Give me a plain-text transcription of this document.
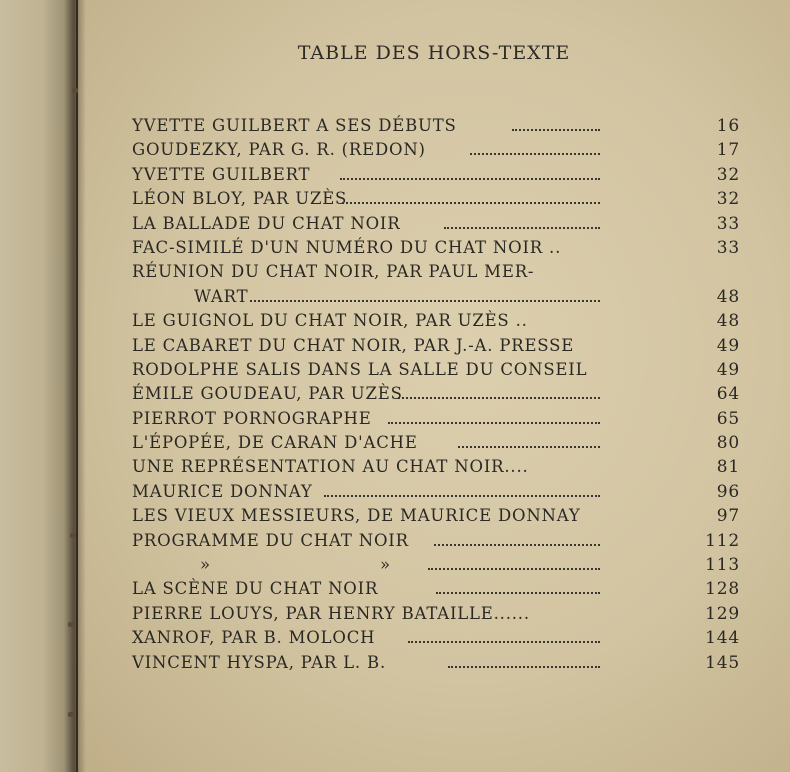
TABLE DES HORS-TEXTE
YVETTE GUILBERT A SES DÉBUTS	16
GOUDEZKY, PAR G. R. (REDON)	17
YVETTE GUILBERT	32
LÉON BLOY, PAR UZÈS	32
LA BALLADE DU CHAT NOIR	33
FAC-SIMILÉ D'UN NUMÉRO DU CHAT NOIR ..	33
RÉUNION DU CHAT NOIR, PAR PAUL MER-
WART	48
LE GUIGNOL DU CHAT NOIR, PAR UZÈS ..	48
LE CABARET DU CHAT NOIR, PAR J.-A. PRESSE	49
RODOLPHE SALIS DANS LA SALLE DU CONSEIL	49
ÉMILE GOUDEAU, PAR UZÈS	64
PIERROT PORNOGRAPHE	65
L'ÉPOPÉE, DE CARAN D'ACHE	80
UNE REPRÉSENTATION AU CHAT NOIR....	81
MAURICE DONNAY	96
LES VIEUX MESSIEURS, DE MAURICE DONNAY	97
PROGRAMME DU CHAT NOIR	112
»	»	113
LA SCÈNE DU CHAT NOIR	128
PIERRE LOUYS, PAR HENRY BATAILLE......	129
XANROF, PAR B. MOLOCH	144
VINCENT HYSPA, PAR L. B.	145
